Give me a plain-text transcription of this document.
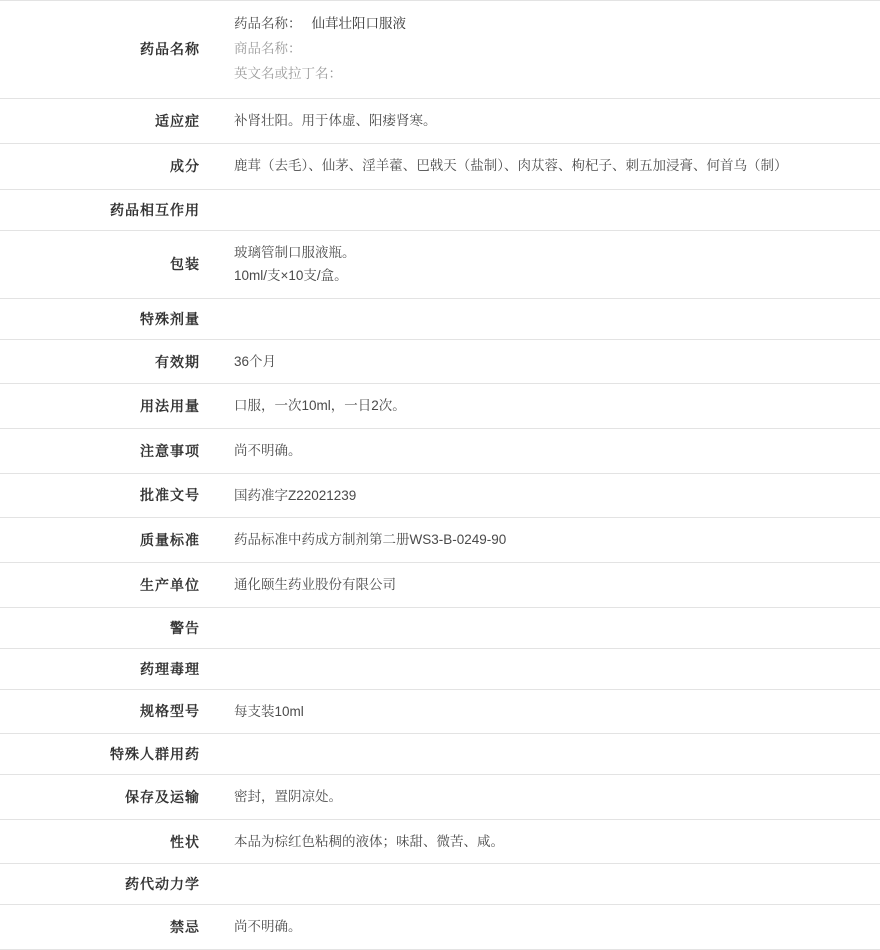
药品名称	药品名称： 仙茸壮阳口服液
商品名称：
英文名或拉丁名：

适应症	补肾壮阳。用于体虚、阳痿肾寒。
成分	鹿茸（去毛）、仙茅、淫羊藿、巴戟天（盐制）、肉苁蓉、枸杞子、刺五加浸膏、何首乌（制）
药品相互作用	
包装	玻璃管制口服液瓶。
10ml/支×10支/盒。

特殊剂量	
有效期	36个月
用法用量	口服，一次10ml，一日2次。
注意事项	尚不明确。
批准文号	国药准字Z22021239
质量标准	药品标准中药成方制剂第二册WS3-B-0249-90
生产单位	通化颐生药业股份有限公司
警告	
药理毒理	
规格型号	每支装10ml
特殊人群用药	
保存及运输	密封，置阴凉处。
性状	本品为棕红色粘稠的液体；味甜、微苦、咸。
药代动力学	
禁忌	尚不明确。
